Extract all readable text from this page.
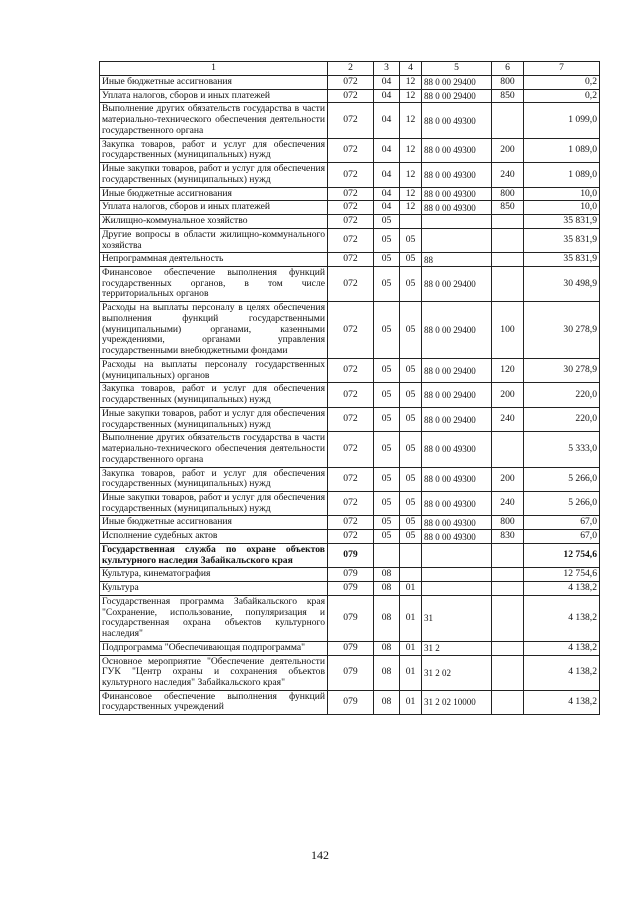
1	2	3	4	5	6	7
Иные бюджетные ассигнования	072	04	12	88 0 00 29400	800	0,2
Уплата налогов, сборов и иных платежей	072	04	12	88 0 00 29400	850	0,2
Выполнение других обязательств государства в части материально-технического обеспечения деятельности государственного органа	072	04	12	88 0 00 49300		1 099,0
Закупка товаров, работ и услуг для обеспечения государственных (муниципальных) нужд	072	04	12	88 0 00 49300	200	1 089,0
Иные закупки товаров, работ и услуг для обеспечения государственных (муниципальных) нужд	072	04	12	88 0 00 49300	240	1 089,0
Иные бюджетные ассигнования	072	04	12	88 0 00 49300	800	10,0
Уплата налогов, сборов и иных платежей	072	04	12	88 0 00 49300	850	10,0
Жилищно-коммунальное хозяйство	072	05				35 831,9
Другие вопросы в области жилищно-коммунального хозяйства	072	05	05			35 831,9
Непрограммная деятельность	072	05	05	88		35 831,9
Финансовое обеспечение выполнения функций государственных органов, в том числе территориальных органов	072	05	05	88 0 00 29400		30 498,9
Расходы на выплаты персоналу в целях обеспечения выполнения функций государственными (муниципальными) органами, казенными учреждениями, органами управления государственными внебюджетными фондами	072	05	05	88 0 00 29400	100	30 278,9
Расходы на выплаты персоналу государственных (муниципальных) органов	072	05	05	88 0 00 29400	120	30 278,9
Закупка товаров, работ и услуг для обеспечения государственных (муниципальных) нужд	072	05	05	88 0 00 29400	200	220,0
Иные закупки товаров, работ и услуг для обеспечения государственных (муниципальных) нужд	072	05	05	88 0 00 29400	240	220,0
Выполнение других обязательств государства в части материально-технического обеспечения деятельности государственного органа	072	05	05	88 0 00 49300		5 333,0
Закупка товаров, работ и услуг для обеспечения государственных (муниципальных) нужд	072	05	05	88 0 00 49300	200	5 266,0
Иные закупки товаров, работ и услуг для обеспечения государственных (муниципальных) нужд	072	05	05	88 0 00 49300	240	5 266,0
Иные бюджетные ассигнования	072	05	05	88 0 00 49300	800	67,0
Исполнение судебных актов	072	05	05	88 0 00 49300	830	67,0
Государственная служба по охране объектов культурного наследия Забайкальского края	079					12 754,6
Культура, кинематография	079	08				12 754,6
Культура	079	08	01			4 138,2
Государственная программа Забайкальского края "Сохранение, использование, популяризация и государственная охрана объектов культурного наследия"	079	08	01	31		4 138,2
Подпрограмма "Обеспечивающая подпрограмма"	079	08	01	31 2		4 138,2
Основное мероприятие "Обеспечение деятельности ГУК "Центр охраны и сохранения объектов культурного наследия" Забайкальского края"	079	08	01	31 2 02		4 138,2
Финансовое обеспечение выполнения функций государственных учреждений	079	08	01	31 2 02 10000		4 138,2
142
